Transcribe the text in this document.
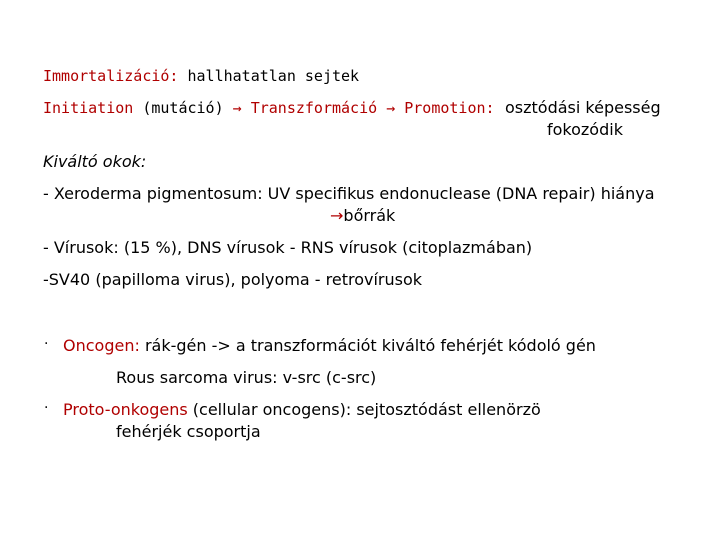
Immortalizáció: hallhatatlan sejtek
Initiation (mutáció) → Transzformáció → Promotion: osztódási képesség
fokozódik
Kiváltó okok:
- Xeroderma pigmentosum: UV specifikus endonuclease (DNA repair) hiánya
→bőrrák
- Vírusok: (15 %), DNS vírusok - RNS vírusok (citoplazmában)
-SV40 (papilloma virus), polyoma - retrovírusok
· Oncogen: rák-gén -> a transzformációt kiváltó fehérjét kódoló gén
Rous sarcoma virus: v-src (c-src)
· Proto-onkogens (cellular oncogens): sejtosztódást ellenörzö
fehérjék csoportja
